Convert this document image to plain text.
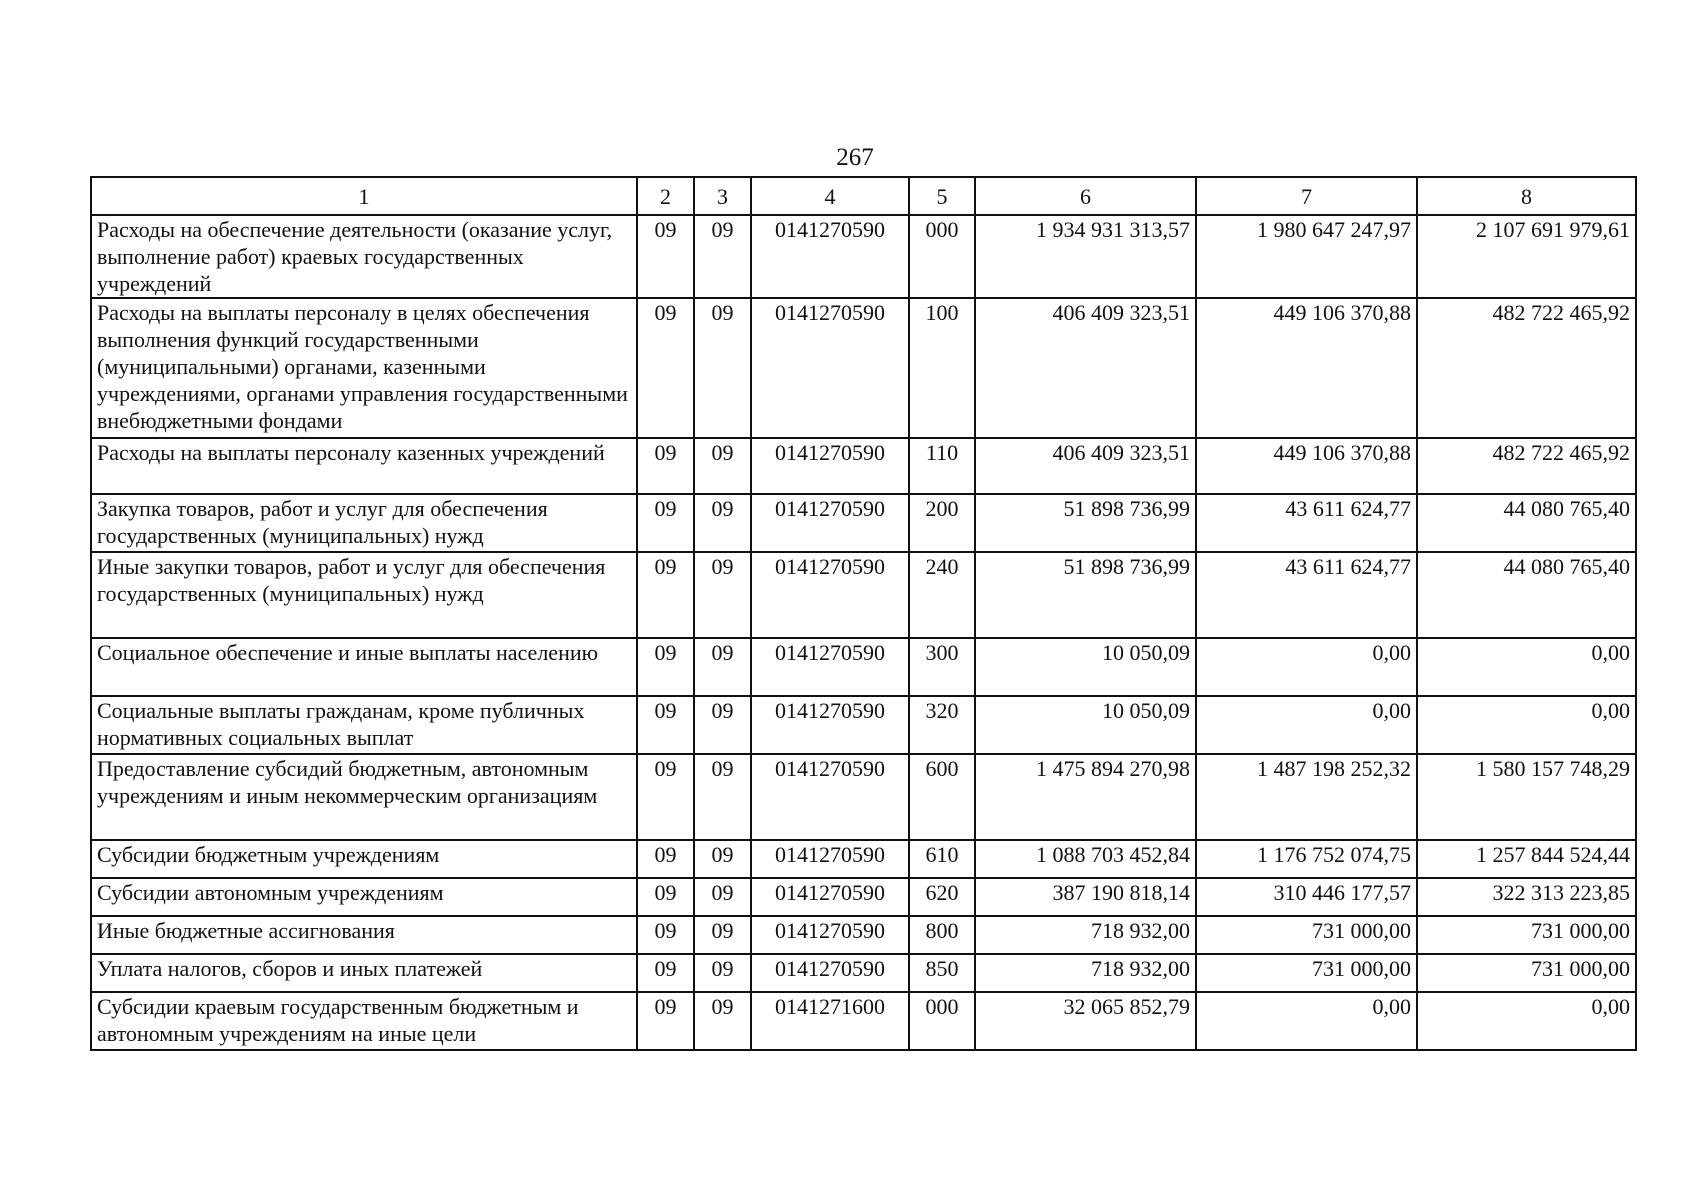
267
1	2	3	4	5	6	7	8
Расходы на обеспечение деятельности (оказание услуг, выполнение работ) краевых государственных учреждений	09	09	0141270590	000	1 934 931 313,57	1 980 647 247,97	2 107 691 979,61
Расходы на выплаты персоналу в целях обеспечения выполнения функций государственными (муниципальными) органами, казенными учреждениями, органами управления государственными внебюджетными фондами	09	09	0141270590	100	406 409 323,51	449 106 370,88	482 722 465,92
Расходы на выплаты персоналу казенных учреждений	09	09	0141270590	110	406 409 323,51	449 106 370,88	482 722 465,92
Закупка товаров, работ и услуг для обеспечения государственных (муниципальных) нужд	09	09	0141270590	200	51 898 736,99	43 611 624,77	44 080 765,40
Иные закупки товаров, работ и услуг для обеспечения государственных (муниципальных) нужд	09	09	0141270590	240	51 898 736,99	43 611 624,77	44 080 765,40
Социальное обеспечение и иные выплаты населению	09	09	0141270590	300	10 050,09	0,00	0,00
Социальные выплаты гражданам, кроме публичных нормативных социальных выплат	09	09	0141270590	320	10 050,09	0,00	0,00
Предоставление субсидий бюджетным, автономным учреждениям и иным некоммерческим организациям	09	09	0141270590	600	1 475 894 270,98	1 487 198 252,32	1 580 157 748,29
Субсидии бюджетным учреждениям	09	09	0141270590	610	1 088 703 452,84	1 176 752 074,75	1 257 844 524,44
Субсидии автономным учреждениям	09	09	0141270590	620	387 190 818,14	310 446 177,57	322 313 223,85
Иные бюджетные ассигнования	09	09	0141270590	800	718 932,00	731 000,00	731 000,00
Уплата налогов, сборов и иных платежей	09	09	0141270590	850	718 932,00	731 000,00	731 000,00
Субсидии краевым государственным бюджетным и автономным учреждениям на иные цели	09	09	0141271600	000	32 065 852,79	0,00	0,00
